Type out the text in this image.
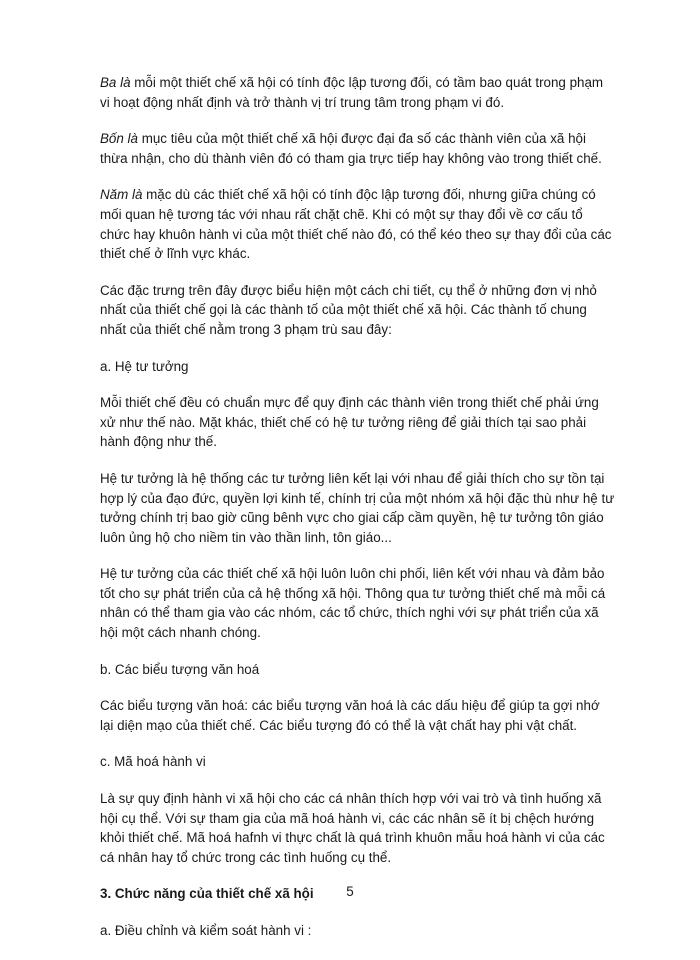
Ba là mỗi một thiết chế xã hội có tính độc lập tương đối, có tầm bao quát trong phạm vi hoạt động nhất định và trở thành vị trí trung tâm trong phạm vi đó.

Bốn là mục tiêu của một thiết chế xã hội được đại đa số các thành viên của xã hội thừa nhận, cho dù thành viên đó có tham gia trực tiếp hay không vào trong thiết chế.

Năm là mặc dù các thiết chế xã hội có tính độc lập tương đối, nhưng giữa chúng có mối quan hệ tương tác với nhau rất chặt chẽ. Khi có một sự thay đổi về cơ cấu tổ chức hay khuôn hành vi của một thiết chế nào đó, có thể kéo theo sự thay đổi của các thiết chế ở lĩnh vực khác.

Các đặc trưng trên đây được biểu hiện một cách chi tiết, cụ thể ở những đơn vị nhỏ nhất của thiết chế gọi là các thành tố của một thiết chế xã hội. Các thành tố chung nhất của thiết chế nằm trong 3 phạm trù sau đây:

a. Hệ tư tưởng

Mỗi thiết chế đều có chuẩn mực để quy định các thành viên trong thiết chế phải ứng xử như thế nào. Mặt khác, thiết chế có hệ tư tưởng riêng để giải thích tại sao phải hành động như thế.

Hệ tư tưởng là hệ thống các tư tưởng liên kết lại với nhau để giải thích cho sự tồn tại hợp lý của đạo đức, quyền lợi kinh tế, chính trị của một nhóm xã hội đặc thù như hệ tư tưởng chính trị bao giờ cũng bênh vực cho giai cấp cầm quyền, hệ tư tưởng tôn giáo luôn ủng hộ cho niềm tin vào thần linh, tôn giáo...

Hệ tư tưởng của các thiết chế xã hội luôn luôn chi phối, liên kết với nhau và đảm bảo tốt cho sự phát triển của cả hệ thống xã hội. Thông qua tư tưởng thiết chế mà mỗi cá nhân có thể tham gia vào các nhóm, các tổ chức, thích nghi với sự phát triển của xã hội một cách nhanh chóng.

b. Các biểu tượng văn hoá

Các biểu tượng văn hoá: các biểu tượng văn hoá là các dấu hiệu để giúp ta gợi nhớ lại diện mạo của thiết chế. Các biểu tượng đó có thể là vật chất hay phi vật chất.

c. Mã hoá hành vi

Là sự quy định hành vi xã hội cho các cá nhân thích hợp với vai trò và tình huống xã hội cụ thể. Với sự tham gia của mã hoá hành vi, các các nhân sẽ ít bị chệch hướng khỏi thiết chế. Mã hoá hafnh vi thực chất là quá trình khuôn mẫu hoá hành vi của các cá nhân hay tổ chức trong các tình huống cụ thể.

3. Chức năng của thiết chế xã hội

a. Điều chỉnh và kiểm soát hành vi :

5
